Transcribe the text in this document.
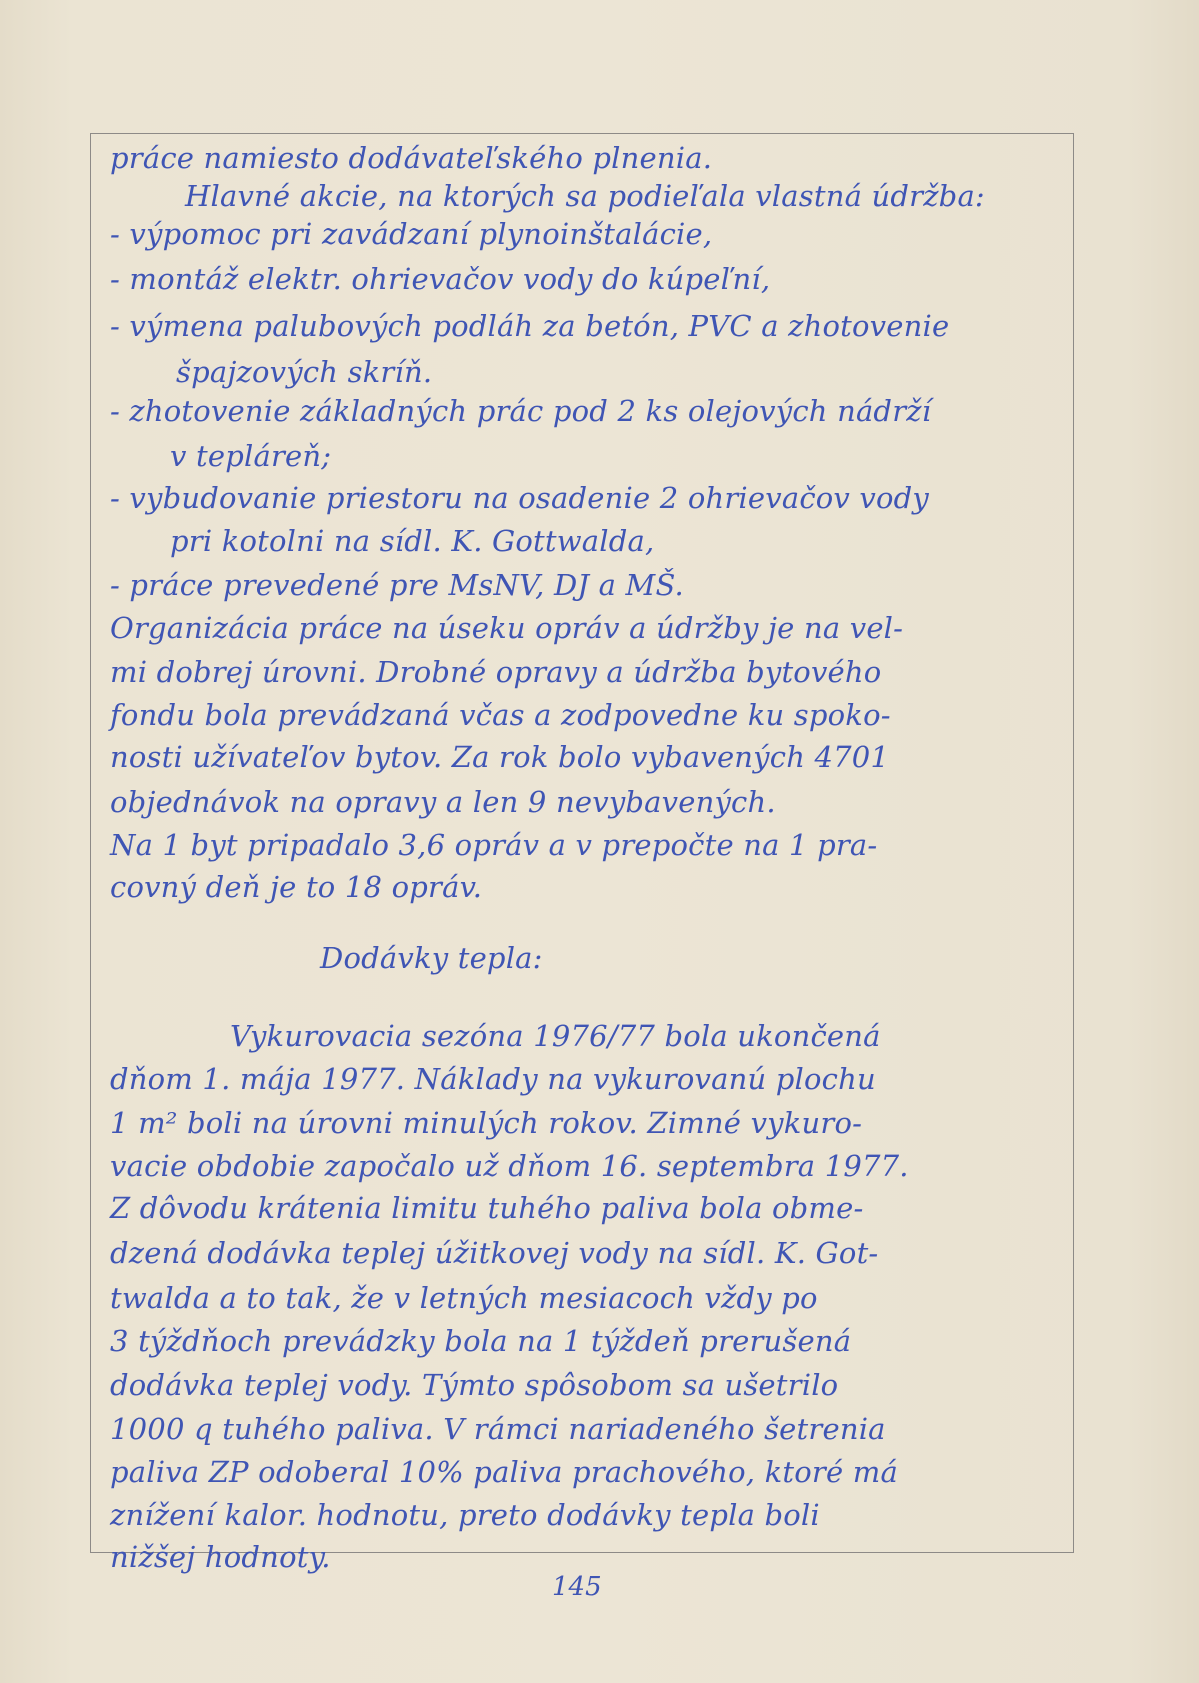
práce namiesto dodávateľského plnenia.
Hlavné akcie, na ktorých sa podieľala vlastná údržba:
- výpomoc pri zavádzaní plynoinštalácie,
- montáž elektr. ohrievačov vody do kúpeľní,
- výmena palubových podláh za betón, PVC a zhotovenie
špajzových skríň.
- zhotovenie základných prác pod 2 ks olejových nádrží
v tepláreň;
- vybudovanie priestoru na osadenie 2 ohrievačov vody
pri kotolni na sídl. K. Gottwalda,
- práce prevedené pre MsNV, DJ a MŠ.
Organizácia práce na úseku opráv a údržby je na vel-
mi dobrej úrovni. Drobné opravy a údržba bytového
fondu bola prevádzaná včas a zodpovedne ku spoko-
nosti užívateľov bytov. Za rok bolo vybavených 4701
objednávok na opravy a len 9 nevybavených.
Na 1 byt pripadalo 3,6 opráv a v prepočte na 1 pra-
covný deň je to 18 opráv.
Dodávky tepla:
Vykurovacia sezóna 1976/77 bola ukončená
dňom 1. mája 1977. Náklady na vykurovanú plochu
1 m² boli na úrovni minulých rokov. Zimné vykuro-
vacie obdobie započalo už dňom 16. septembra 1977.
Z dôvodu krátenia limitu tuhého paliva bola obme-
dzená dodávka teplej úžitkovej vody na sídl. K. Got-
twalda a to tak, že v letných mesiacoch vždy po
3 týždňoch prevádzky bola na 1 týždeň prerušená
dodávka teplej vody. Týmto spôsobom sa ušetrilo
1000 q tuhého paliva. V rámci nariadeného šetrenia
paliva ZP odoberal 10% paliva prachového, ktoré má
znížení kalor. hodnotu, preto dodávky tepla boli
nižšej hodnoty.
145
